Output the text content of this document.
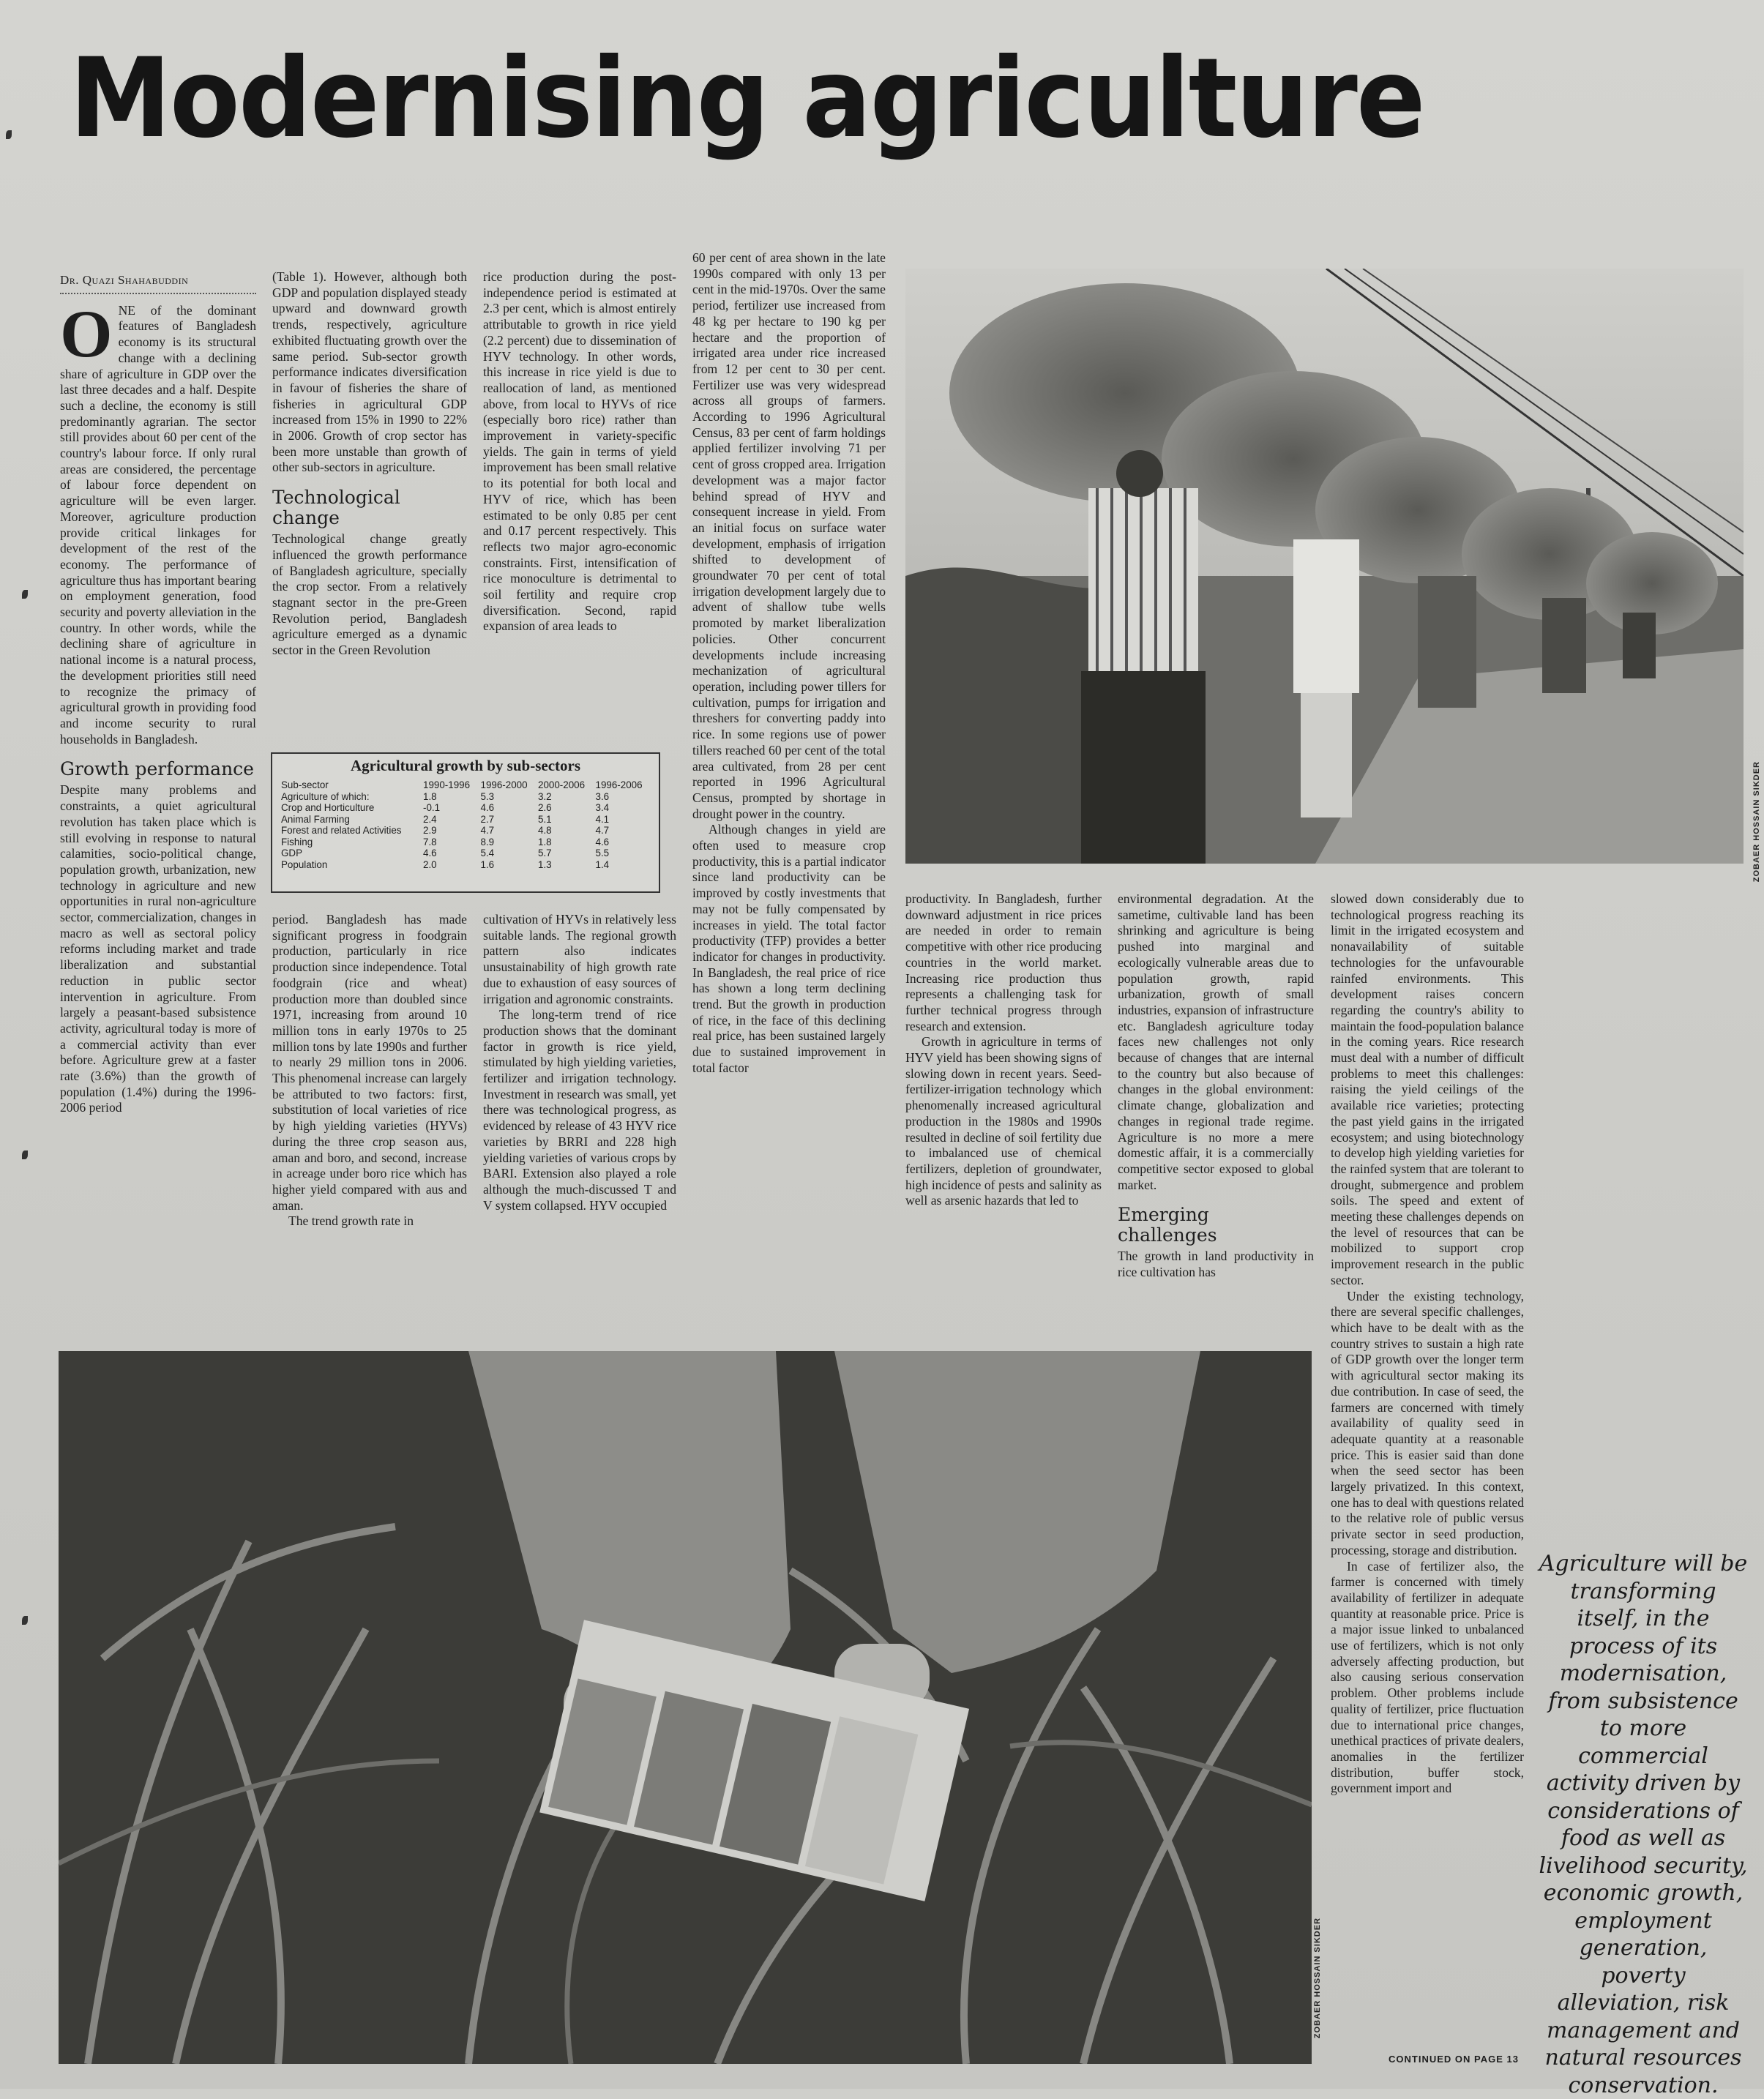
Modernising agriculture
Dr. Quazi Shahabuddin

ONE of the dominant features of Bangladesh economy is its structural change with a declining share of agriculture in GDP over the last three decades and a half. Despite such a decline, the economy is still predominantly agrarian. The sector still provides about 60 per cent of the country's labour force. If only rural areas are considered, the percentage of labour force dependent on agriculture will be even larger. Moreover, agriculture production provide critical linkages for development of the rest of the economy. The performance of agriculture thus has important bearing on employment generation, food security and poverty alleviation in the country. In other words, while the declining share of agriculture in national income is a natural process, the development priorities still need to recognize the primacy of agricultural growth in providing food and income security to rural households in Bangladesh.

Growth performance

Despite many problems and constraints, a quiet agricultural revolution has taken place which is still evolving in response to natural calamities, socio-political change, population growth, urbanization, new technology in agriculture and new opportunities in rural non-agriculture sector, commercialization, changes in macro as well as sectoral policy reforms including market and trade liberalization and substantial reduction in public sector intervention in agriculture. From largely a peasant-based subsistence activity, agricultural today is more of a commercial activity than ever before. Agriculture grew at a faster rate (3.6%) than the growth of population (1.4%) during the 1996-2006 period

(Table 1). However, although both GDP and population displayed steady upward and downward growth trends, respectively, agriculture exhibited fluctuating growth over the same period. Sub-sector growth performance indicates diversification in favour of fisheries the share of fisheries in agricultural GDP increased from 15% in 1990 to 22% in 2006. Growth of crop sector has been more unstable than growth of other sub-sectors in agriculture.

Technological change

Technological change greatly influenced the growth performance of Bangladesh agriculture, specially the crop sector. From a relatively stagnant sector in the pre-Green Revolution period, Bangladesh agriculture emerged as a dynamic sector in the Green Revolution

rice production during the post-independence period is estimated at 2.3 per cent, which is almost entirely attributable to growth in rice yield (2.2 percent) due to dissemination of HYV technology. In other words, this increase in rice yield is due to reallocation of land, as mentioned above, from local to HYVs of rice (especially boro rice) rather than improvement in variety-specific yields. The gain in terms of yield improvement has been small relative to its potential for both local and HYV of rice, which has been estimated to be only 0.85 per cent and 0.17 percent respectively. This reflects two major agro-economic constraints. First, intensification of rice monoculture is detrimental to soil fertility and require crop diversification. Second, rapid expansion of area leads to

Agricultural growth by sub-sectors
Sub-sector	1990-1996	1996-2000	2000-2006	1996-2006
Agriculture of which:	1.8	5.3	3.2	3.6
Crop and Horticulture	-0.1	4.6	2.6	3.4
Animal Farming	2.4	2.7	5.1	4.1
Forest and related Activities	2.9	4.7	4.8	4.7
Fishing	7.8	8.9	1.8	4.6
GDP	4.6	5.4	5.7	5.5
Population	2.0	1.6	1.3	1.4

period. Bangladesh has made significant progress in foodgrain production, particularly in rice production since independence. Total foodgrain (rice and wheat) production more than doubled since 1971, increasing from around 10 million tons in early 1970s to 25 million tons by late 1990s and further to nearly 29 million tons in 2006. This phenomenal increase can largely be attributed to two factors: first, substitution of local varieties of rice by high yielding varieties (HYVs) during the three crop season aus, aman and boro, and second, increase in acreage under boro rice which has higher yield compared with aus and aman.

The trend growth rate in

cultivation of HYVs in relatively less suitable lands. The regional growth pattern also indicates unsustainability of high growth rate due to exhaustion of easy sources of irrigation and agronomic constraints.

The long-term trend of rice production shows that the dominant factor in growth is rice yield, stimulated by high yielding varieties, fertilizer and irrigation technology. Investment in research was small, yet there was technological progress, as evidenced by release of 43 HYV rice varieties by BRRI and 228 high yielding varieties of various crops by BARI. Extension also played a role although the much-discussed T and V system collapsed. HYV occupied

60 per cent of area shown in the late 1990s compared with only 13 per cent in the mid-1970s. Over the same period, fertilizer use increased from 48 kg per hectare to 190 kg per hectare and the proportion of irrigated area under rice increased from 12 per cent to 30 per cent. Fertilizer use was very widespread across all groups of farmers. According to 1996 Agricultural Census, 83 per cent of farm holdings applied fertilizer involving 71 per cent of gross cropped area. Irrigation development was a major factor behind spread of HYV and consequent increase in yield. From an initial focus on surface water development, emphasis of irrigation shifted to development of groundwater 70 per cent of total irrigation development largely due to advent of shallow tube wells promoted by market liberalization policies. Other concurrent developments include increasing mechanization of agricultural operation, including power tillers for cultivation, pumps for irrigation and threshers for converting paddy into rice. In some regions use of power tillers reached 60 per cent of the total area cultivated, from 28 per cent reported in 1996 Agricultural Census, prompted by shortage in drought power in the country.

Although changes in yield are often used to measure crop productivity, this is a partial indicator since land productivity can be improved by costly investments that may not be fully compensated by increases in yield. The total factor productivity (TFP) provides a better indicator for changes in productivity. In Bangladesh, the real price of rice has shown a long term declining trend. But the growth in production of rice, in the face of this declining real price, has been sustained largely due to sustained improvement in total factor

ZOBAER HOSSAIN SIKDER

productivity. In Bangladesh, further downward adjustment in rice prices are needed in order to remain competitive with other rice producing countries in the world market. Increasing rice production thus represents a challenging task for further technical progress through research and extension.

Growth in agriculture in terms of HYV yield has been showing signs of slowing down in recent years. Seed-fertilizer-irrigation technology which phenomenally increased agricultural production in the 1980s and 1990s resulted in decline of soil fertility due to imbalanced use of chemical fertilizers, depletion of groundwater, high incidence of pests and salinity as well as arsenic hazards that led to

environmental degradation. At the sametime, cultivable land has been shrinking and agriculture is being pushed into marginal and ecologically vulnerable areas due to population growth, rapid urbanization, growth of small industries, expansion of infrastructure etc. Bangladesh agriculture today faces new challenges not only because of changes that are internal to the country but also because of changes in the global environment: climate change, globalization and changes in regional trade regime. Agriculture is no more a mere domestic affair, it is a commercially competitive sector exposed to global market.

Emerging challenges

The growth in land productivity in rice cultivation has

ZOBAER HOSSAIN SIKDER

slowed down considerably due to technological progress reaching its limit in the irrigated ecosystem and nonavailability of suitable technologies for the unfavourable rainfed environments. This development raises concern regarding the country's ability to maintain the food-population balance in the coming years. Rice research must deal with a number of difficult problems to meet this challenges: raising the yield ceilings of the available rice varieties; protecting the past yield gains in the irrigated ecosystem; and using biotechnology to develop high yielding varieties for the rainfed system that are tolerant to drought, submergence and problem soils. The speed and extent of meeting these challenges depends on the level of resources that can be mobilized to support crop improvement research in the public sector.

Under the existing technology, there are several specific challenges, which have to be dealt with as the country strives to sustain a high rate of GDP growth over the longer term with agricultural sector making its due contribution. In case of seed, the farmers are concerned with timely availability of quality seed in adequate quantity at a reasonable price. This is easier said than done when the seed sector has been largely privatized. In this context, one has to deal with questions related to the relative role of public versus private sector in seed production, processing, storage and distribution.

In case of fertilizer also, the farmer is concerned with timely availability of fertilizer in adequate quantity at reasonable price. Price is a major issue linked to unbalanced use of fertilizers, which is not only adversely affecting production, but also causing serious conservation problem. Other problems include quality of fertilizer, price fluctuation due to international price changes, unethical practices of private dealers, anomalies in the fertilizer distribution, buffer stock, government import and

CONTINUED ON PAGE 13
Agriculture will be transforming itself, in the process of its modernisation, from subsistence to more commercial activity driven by considerations of food as well as livelihood security, economic growth, employment generation, poverty alleviation, risk management and natural resources conservation.
